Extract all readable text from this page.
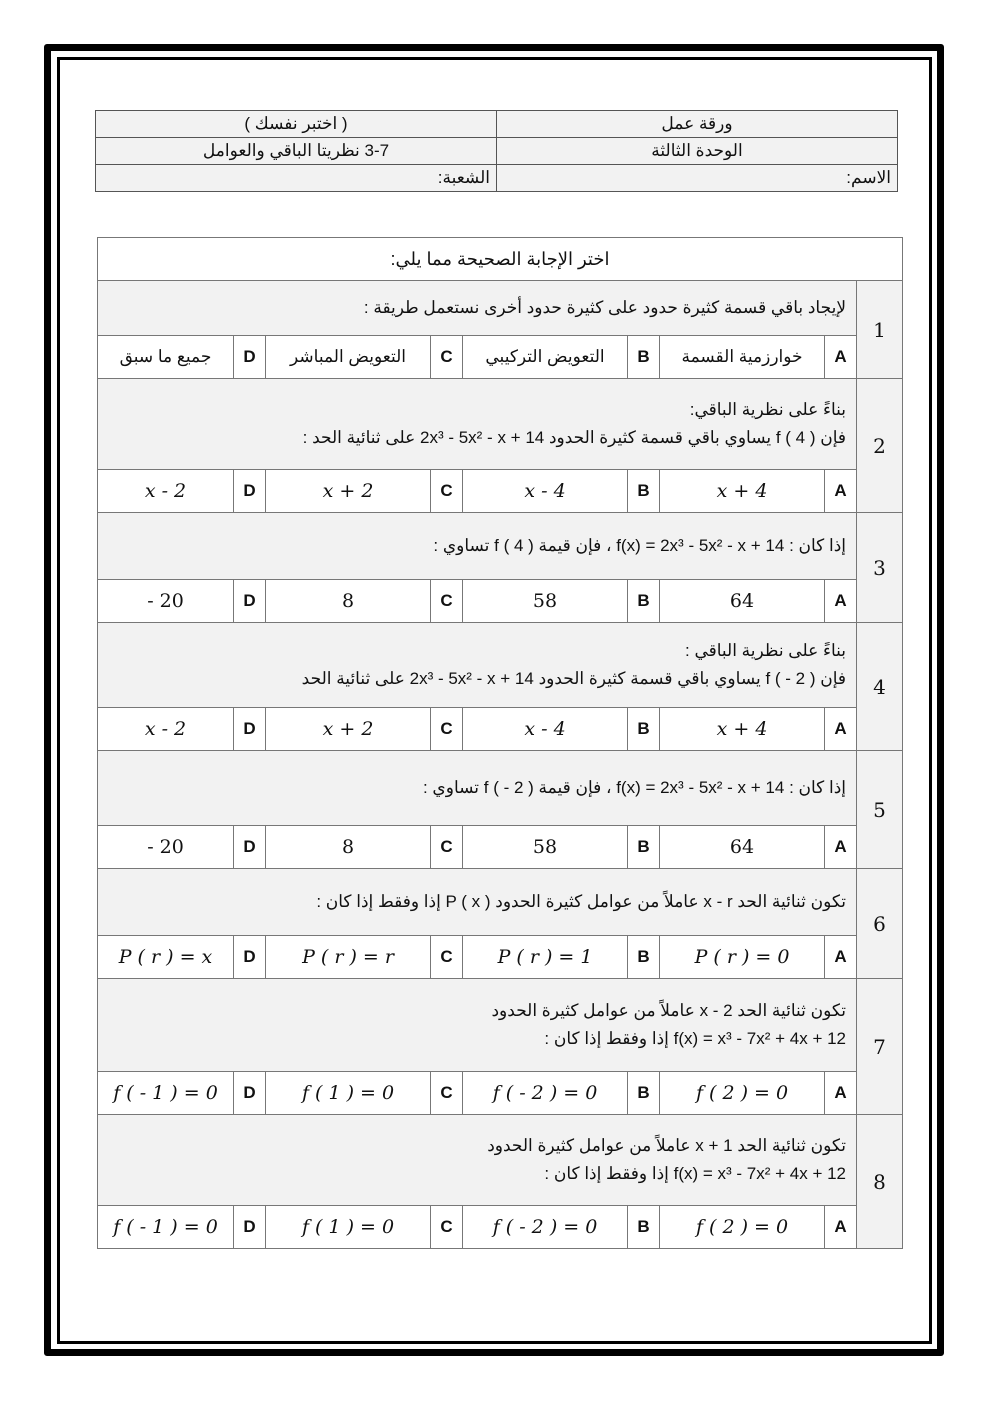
ورقة عمل	( اختبر نفسك )
الوحدة الثالثة	3-7 نظريتا الباقي والعوامل
الاسم:	الشعبة:
اختر الإجابة الصحيحة مما يلي:								
1	لإيجاد باقي قسمة كثيرة حدود على كثيرة حدود أخرى نستعمل طريقة :							

	A	خوارزمية القسمة	B	التعويض التركيبي	C	التعويض المباشر	D	جميع ما سبق
2	بناءً على نظرية الباقي:
فإن f ( 4 ) يساوي باقي قسمة كثيرة الحدود 2x³ - 5x² - x + 14 على ثنائية الحد :							

	A	x + 4	B	x - 4	C	x + 2	D	x - 2
3	إذا كان : f(x) = 2x³ - 5x² - x + 14 ، فإن قيمة f ( 4 ) تساوي :							

	A	64	B	58	C	8	D	- 20
4	بناءً على نظرية الباقي :
فإن f ( - 2 ) يساوي باقي قسمة كثيرة الحدود 2x³ - 5x² - x + 14 على ثنائية الحد							

	A	x + 4	B	x - 4	C	x + 2	D	x - 2
5	إذا كان : f(x) = 2x³ - 5x² - x + 14 ، فإن قيمة f ( - 2 ) تساوي :							

	A	64	B	58	C	8	D	- 20
6	تكون ثنائية الحد x - r عاملاً من عوامل كثيرة الحدود P ( x ) إذا وفقط إذا كان :							

	A	P ( r ) = 0	B	P ( r ) = 1	C	P ( r ) = r	D	P ( r ) = x
7	تكون ثنائية الحد x - 2 عاملاً من عوامل كثيرة الحدود
f(x) = x³ - 7x² + 4x + 12 إذا وفقط إذا كان :							

	A	f ( 2 ) = 0	B	f ( - 2 ) = 0	C	f ( 1 ) = 0	D	f ( - 1 ) = 0
8	تكون ثنائية الحد x + 1 عاملاً من عوامل كثيرة الحدود
f(x) = x³ - 7x² + 4x + 12 إذا وفقط إذا كان :							

	A	f ( 2 ) = 0	B	f ( - 2 ) = 0	C	f ( 1 ) = 0	D	f ( - 1 ) = 0
